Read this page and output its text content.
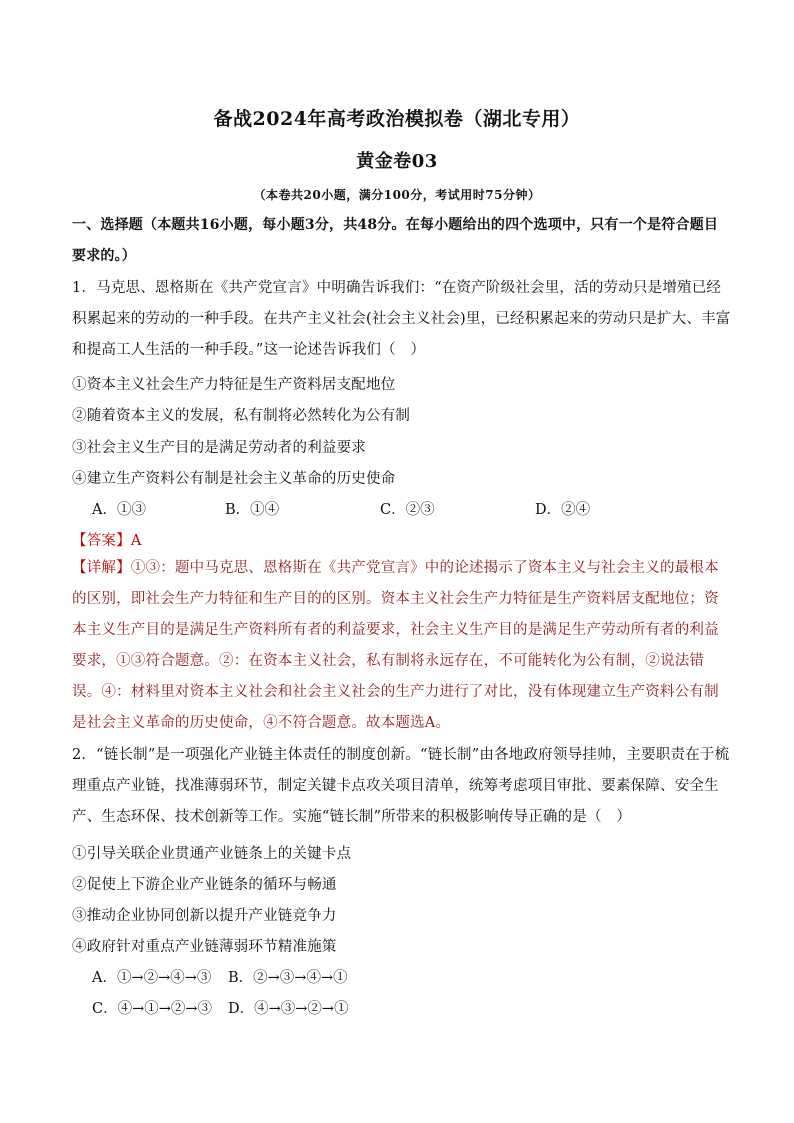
备战2024年高考政治模拟卷（湖北专用）
黄金卷03
（本卷共20小题，满分100分，考试用时75分钟）
一、选择题（本题共16小题，每小题3分，共48分。在每小题给出的四个选项中，只有一个是符合题目要求的。）
1．马克思、恩格斯在《共产党宣言》中明确告诉我们：“在资产阶级社会里，活的劳动只是增殖已经积累起来的劳动的一种手段。在共产主义社会(社会主义社会)里，已经积累起来的劳动只是扩大、丰富和提高工人生活的一种手段。”这一论述告诉我们（　）
①资本主义社会生产力特征是生产资料居支配地位
②随着资本主义的发展，私有制将必然转化为公有制
③社会主义生产目的是满足劳动者的利益要求
④建立生产资料公有制是社会主义革命的历史使命
A．①③	B．①④	C．②③	D．②④
【答案】A
【详解】①③：题中马克思、恩格斯在《共产党宣言》中的论述揭示了资本主义与社会主义的最根本的区别，即社会生产力特征和生产目的的区别。资本主义社会生产力特征是生产资料居支配地位；资本主义生产目的是满足生产资料所有者的利益要求，社会主义生产目的是满足生产劳动所有者的利益要求，①③符合题意。②：在资本主义社会，私有制将永远存在，不可能转化为公有制，②说法错误。④：材料里对资本主义社会和社会主义社会的生产力进行了对比，没有体现建立生产资料公有制是社会主义革命的历史使命，④不符合题意。故本题选A。
2．“链长制”是一项强化产业链主体责任的制度创新。“链长制”由各地政府领导挂帅，主要职责在于梳理重点产业链，找准薄弱环节，制定关键卡点攻关项目清单，统筹考虑项目审批、要素保障、安全生产、生态环保、技术创新等工作。实施“链长制”所带来的积极影响传导正确的是（　）
①引导关联企业贯通产业链条上的关键卡点
②促使上下游企业产业链条的循环与畅通
③推动企业协同创新以提升产业链竞争力
④政府针对重点产业链薄弱环节精准施策
A．①→②→④→③ B．②→③→④→①
C．④→①→②→③ D．④→③→②→①
